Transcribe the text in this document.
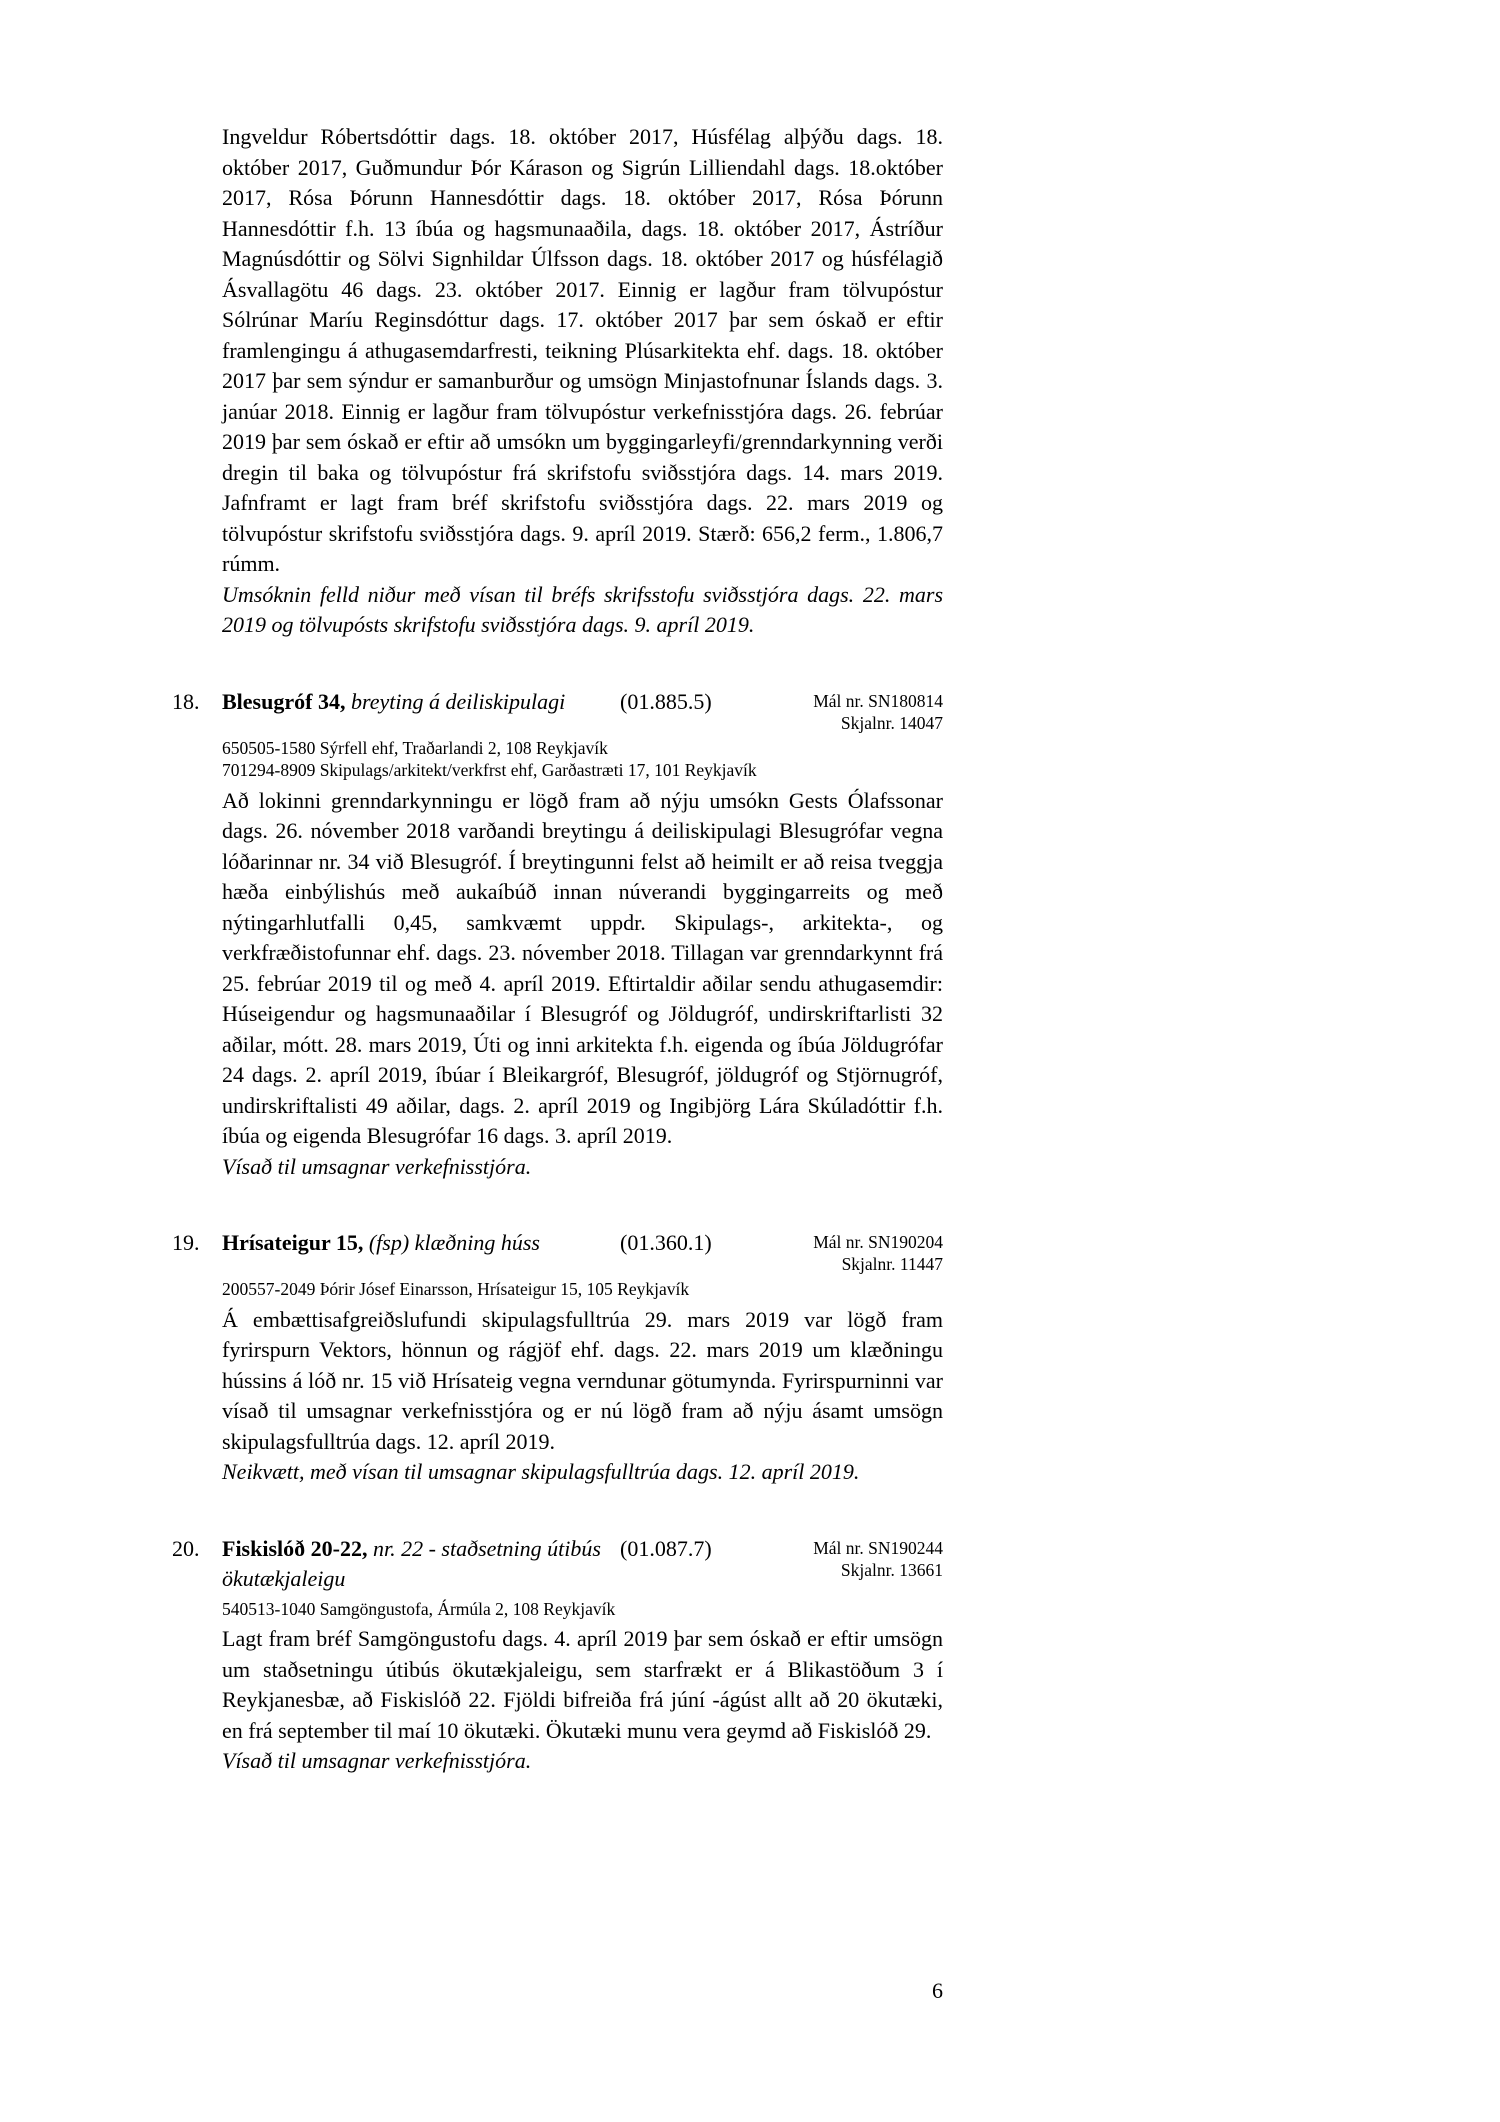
Ingveldur Róbertsdóttir dags. 18. október 2017, Húsfélag alþýðu dags. 18. október 2017, Guðmundur Þór Kárason og Sigrún Lilliendahl dags. 18.október 2017, Rósa Þórunn Hannesdóttir dags. 18. október 2017, Rósa Þórunn Hannesdóttir f.h. 13 íbúa og hagsmunaaðila, dags. 18. október 2017, Ástríður Magnúsdóttir og Sölvi Signhildar Úlfsson dags. 18. október 2017 og húsfélagið Ásvallagötu 46 dags. 23. október 2017. Einnig er lagður fram tölvupóstur Sólrúnar Maríu Reginsdóttur dags. 17. október 2017 þar sem óskað er eftir framlengingu á athugasemdarfresti, teikning Plúsarkitekta ehf. dags. 18. október 2017 þar sem sýndur er samanburður og umsögn Minjastofnunar Íslands dags. 3. janúar 2018. Einnig er lagður fram tölvupóstur verkefnisstjóra dags. 26. febrúar 2019 þar sem óskað er eftir að umsókn um byggingarleyfi/grenndarkynning verði dregin til baka og tölvupóstur frá skrifstofu sviðsstjóra dags. 14. mars 2019. Jafnframt er lagt fram bréf skrifstofu sviðsstjóra dags. 22. mars 2019 og tölvupóstur skrifstofu sviðsstjóra dags. 9. apríl 2019. Stærð: 656,2 ferm., 1.806,7 rúmm.

Umsóknin felld niður með vísan til bréfs skrifsstofu sviðsstjóra dags. 22. mars 2019 og tölvupósts skrifstofu sviðsstjóra dags. 9. apríl 2019.

18.	Blesugróf 34, breyting á deiliskipulagi	(01.885.5)	Mál nr. SN180814
Skjalnr. 14047
650505-1580 Sýrfell ehf, Traðarlandi 2, 108 Reykjavík
701294-8909 Skipulags/arkitekt/verkfrst ehf, Garðastræti 17, 101 Reykjavík

Að lokinni grenndarkynningu er lögð fram að nýju umsókn Gests Ólafssonar dags. 26. nóvember 2018 varðandi breytingu á deiliskipulagi Blesugrófar vegna lóðarinnar nr. 34 við Blesugróf. Í breytingunni felst að heimilt er að reisa tveggja hæða einbýlishús með aukaíbúð innan núverandi byggingarreits og með nýtingarhlutfalli 0,45, samkvæmt uppdr. Skipulags-, arkitekta-, og verkfræðistofunnar ehf. dags. 23. nóvember 2018. Tillagan var grenndarkynnt frá 25. febrúar 2019 til og með 4. apríl 2019. Eftirtaldir aðilar sendu athugasemdir: Húseigendur og hagsmunaaðilar í Blesugróf og Jöldugróf, undirskriftarlisti 32 aðilar, mótt. 28. mars 2019, Úti og inni arkitekta f.h. eigenda og íbúa Jöldugrófar 24 dags. 2. apríl 2019, íbúar í Bleikargróf, Blesugróf, jöldugróf og Stjörnugróf, undirskriftalisti 49 aðilar, dags. 2. apríl 2019 og Ingibjörg Lára Skúladóttir f.h. íbúa og eigenda Blesugrófar 16 dags. 3. apríl 2019.

Vísað til umsagnar verkefnisstjóra.

19.	Hrísateigur 15, (fsp) klæðning húss	(01.360.1)	Mál nr. SN190204
Skjalnr. 11447
200557-2049 Þórir Jósef Einarsson, Hrísateigur 15, 105 Reykjavík

Á embættisafgreiðslufundi skipulagsfulltrúa 29. mars 2019 var lögð fram fyrirspurn Vektors, hönnun og rágjöf ehf. dags. 22. mars 2019 um klæðningu hússins á lóð nr. 15 við Hrísateig vegna verndunar götumynda. Fyrirspurninni var vísað til umsagnar verkefnisstjóra og er nú lögð fram að nýju ásamt umsögn skipulagsfulltrúa dags. 12. apríl 2019.

Neikvætt, með vísan til umsagnar skipulagsfulltrúa dags. 12. apríl 2019.

20.	Fiskislóð 20-22, nr. 22 - staðsetning útibús ökutækjaleigu
(01.087.7)	Mál nr. SN190244
Skjalnr. 13661
540513-1040 Samgöngustofa, Ármúla 2, 108 Reykjavík

Lagt fram bréf Samgöngustofu dags. 4. apríl 2019 þar sem óskað er eftir umsögn um staðsetningu útibús ökutækjaleigu, sem starfrækt er á Blikastöðum 3 í Reykjanesbæ, að Fiskislóð 22. Fjöldi bifreiða frá júní -ágúst allt að 20 ökutæki, en frá september til maí 10 ökutæki. Ökutæki munu vera geymd að Fiskislóð 29.

Vísað til umsagnar verkefnisstjóra.

6
